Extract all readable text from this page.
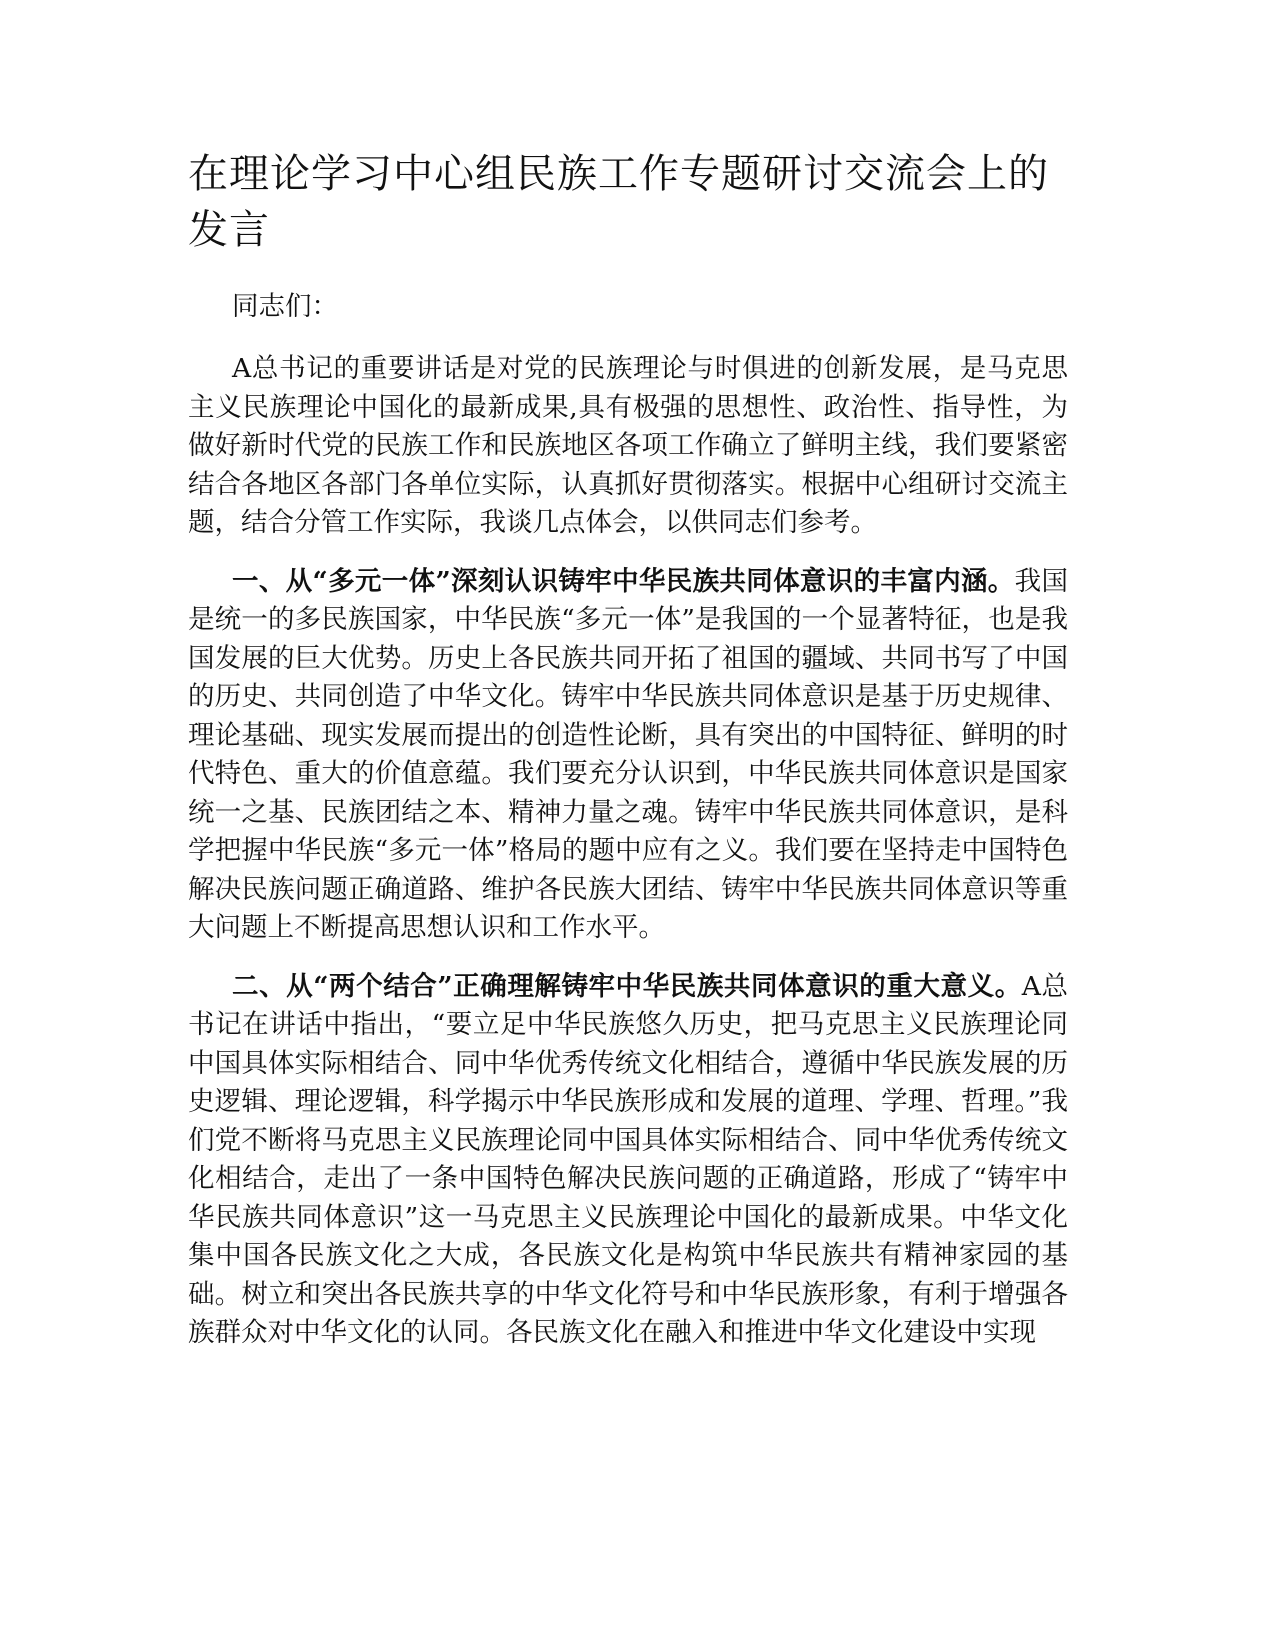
在理论学习中心组民族工作专题研讨交流会上的发言

同志们：

A总书记的重要讲话是对党的民族理论与时俱进的创新发展，是马克思主义民族理论中国化的最新成果,具有极强的思想性、政治性、指导性，为做好新时代党的民族工作和民族地区各项工作确立了鲜明主线，我们要紧密结合各地区各部门各单位实际，认真抓好贯彻落实。根据中心组研讨交流主题，结合分管工作实际，我谈几点体会，以供同志们参考。

一、从“多元一体”深刻认识铸牢中华民族共同体意识的丰富内涵。我国是统一的多民族国家，中华民族“多元一体”是我国的一个显著特征，也是我国发展的巨大优势。历史上各民族共同开拓了祖国的疆域、共同书写了中国的历史、共同创造了中华文化。铸牢中华民族共同体意识是基于历史规律、理论基础、现实发展而提出的创造性论断，具有突出的中国特征、鲜明的时代特色、重大的价值意蕴。我们要充分认识到，中华民族共同体意识是国家统一之基、民族团结之本、精神力量之魂。铸牢中华民族共同体意识，是科学把握中华民族“多元一体”格局的题中应有之义。我们要在坚持走中国特色解决民族问题正确道路、维护各民族大团结、铸牢中华民族共同体意识等重大问题上不断提高思想认识和工作水平。

二、从“两个结合”正确理解铸牢中华民族共同体意识的重大意义。A总书记在讲话中指出，“要立足中华民族悠久历史，把马克思主义民族理论同中国具体实际相结合、同中华优秀传统文化相结合，遵循中华民族发展的历史逻辑、理论逻辑，科学揭示中华民族形成和发展的道理、学理、哲理。”我们党不断将马克思主义民族理论同中国具体实际相结合、同中华优秀传统文化相结合，走出了一条中国特色解决民族问题的正确道路，形成了“铸牢中华民族共同体意识”这一马克思主义民族理论中国化的最新成果。中华文化集中国各民族文化之大成，各民族文化是构筑中华民族共有精神家园的基础。树立和突出各民族共享的中华文化符号和中华民族形象，有利于增强各族群众对中华文化的认同。各民族文化在融入和推进中华文化建设中实现
